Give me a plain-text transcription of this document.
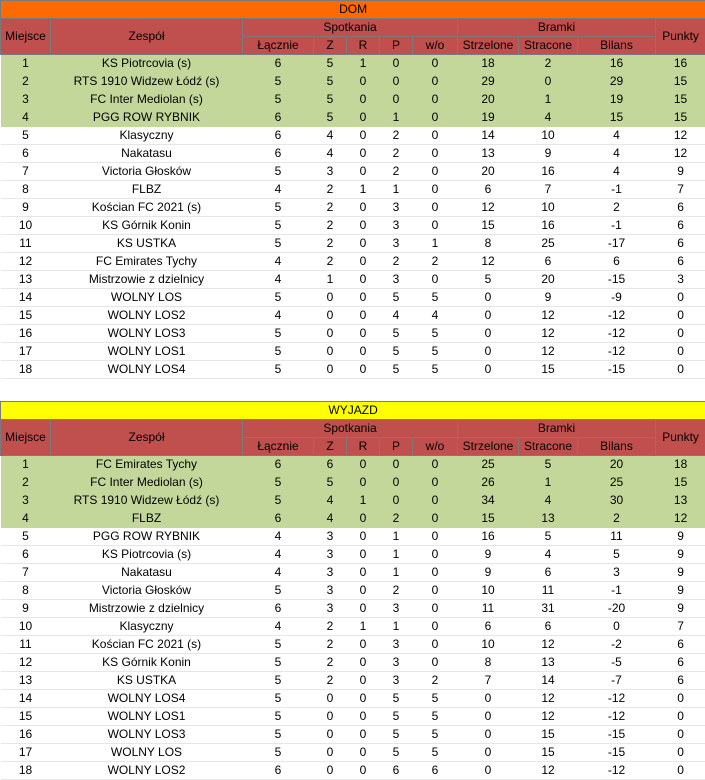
DOM										
Miejsce	Zespół	Spotkania					Bramki			Punkty
		Łącznie	Z	R	P	w/o	Strzelone	Stracone	Bilans	
1	KS Piotrcovia (s)	6	5	1	0	0	18	2	16	16
2	RTS 1910 Widzew Łódź (s)	5	5	0	0	0	29	0	29	15
3	FC Inter Mediolan (s)	5	5	0	0	0	20	1	19	15
4	PGG ROW RYBNIK	6	5	0	1	0	19	4	15	15
5	Klasyczny	6	4	0	2	0	14	10	4	12
6	Nakatasu	6	4	0	2	0	13	9	4	12
7	Victoria Głosków	5	3	0	2	0	20	16	4	9
8	FLBZ	4	2	1	1	0	6	7	-1	7
9	Kościan FC 2021 (s)	5	2	0	3	0	12	10	2	6
10	KS Górnik Konin	5	2	0	3	0	15	16	-1	6
11	KS USTKA	5	2	0	3	1	8	25	-17	6
12	FC Emirates Tychy	4	2	0	2	2	12	6	6	6
13	Mistrzowie z dzielnicy	4	1	0	3	0	5	20	-15	3
14	WOLNY LOS	5	0	0	5	5	0	9	-9	0
15	WOLNY LOS2	4	0	0	4	4	0	12	-12	0
16	WOLNY LOS3	5	0	0	5	5	0	12	-12	0
17	WOLNY LOS1	5	0	0	5	5	0	12	-12	0
18	WOLNY LOS4	5	0	0	5	5	0	15	-15	0
WYJAZD										
Miejsce	Zespół	Spotkania					Bramki			Punkty
		Łącznie	Z	R	P	w/o	Strzelone	Stracone	Bilans	
1	FC Emirates Tychy	6	6	0	0	0	25	5	20	18
2	FC Inter Mediolan (s)	5	5	0	0	0	26	1	25	15
3	RTS 1910 Widzew Łódź (s)	5	4	1	0	0	34	4	30	13
4	FLBZ	6	4	0	2	0	15	13	2	12
5	PGG ROW RYBNIK	4	3	0	1	0	16	5	11	9
6	KS Piotrcovia (s)	4	3	0	1	0	9	4	5	9
7	Nakatasu	4	3	0	1	0	9	6	3	9
8	Victoria Głosków	5	3	0	2	0	10	11	-1	9
9	Mistrzowie z dzielnicy	6	3	0	3	0	11	31	-20	9
10	Klasyczny	4	2	1	1	0	6	6	0	7
11	Kościan FC 2021 (s)	5	2	0	3	0	10	12	-2	6
12	KS Górnik Konin	5	2	0	3	0	8	13	-5	6
13	KS USTKA	5	2	0	3	2	7	14	-7	6
14	WOLNY LOS4	5	0	0	5	5	0	12	-12	0
15	WOLNY LOS1	5	0	0	5	5	0	12	-12	0
16	WOLNY LOS3	5	0	0	5	5	0	15	-15	0
17	WOLNY LOS	5	0	0	5	5	0	15	-15	0
18	WOLNY LOS2	6	0	0	6	6	0	12	-12	0
